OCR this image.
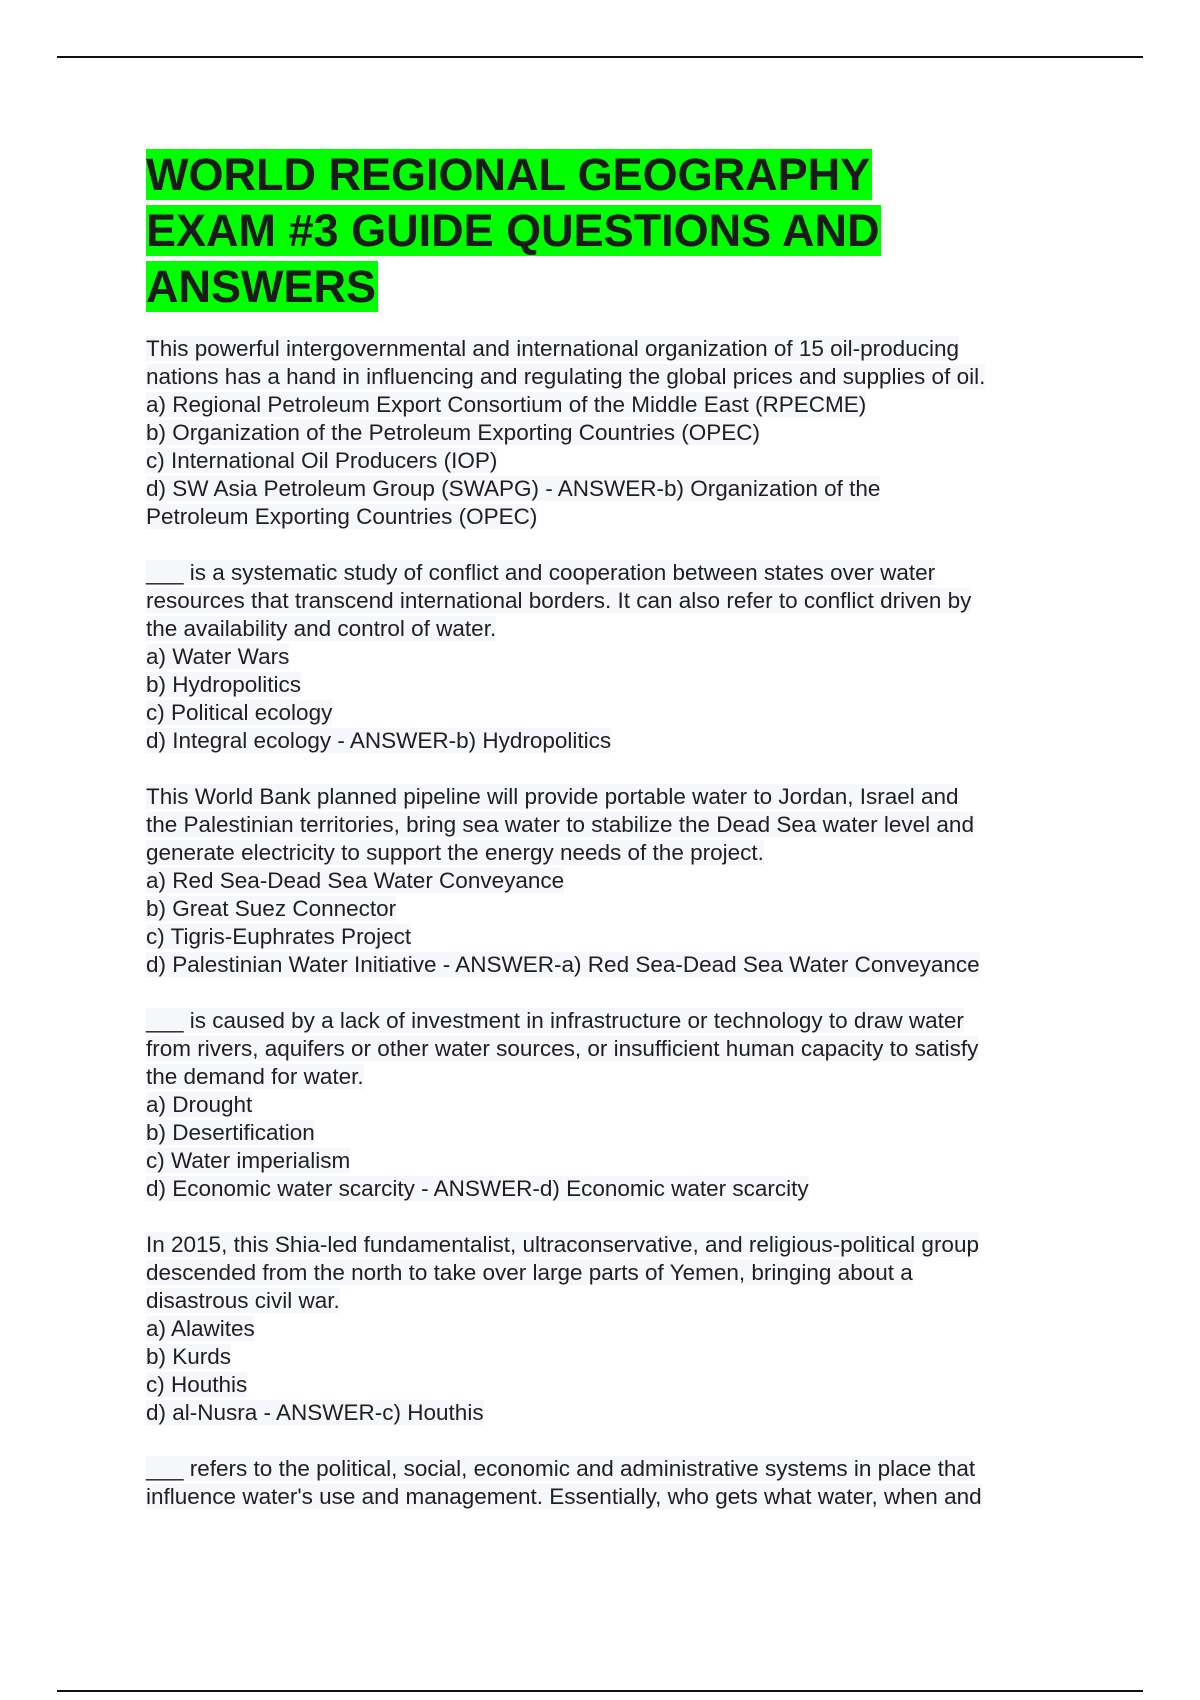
WORLD REGIONAL GEOGRAPHY
EXAM #3 GUIDE QUESTIONS AND
ANSWERS
This powerful intergovernmental and international organization of 15 oil-producing
nations has a hand in influencing and regulating the global prices and supplies of oil.
a) Regional Petroleum Export Consortium of the Middle East (RPECME)
b) Organization of the Petroleum Exporting Countries (OPEC)
c) International Oil Producers (IOP)
d) SW Asia Petroleum Group (SWAPG) - ANSWER-b) Organization of the
Petroleum Exporting Countries (OPEC)
___ is a systematic study of conflict and cooperation between states over water
resources that transcend international borders. It can also refer to conflict driven by
the availability and control of water.
a) Water Wars
b) Hydropolitics
c) Political ecology
d) Integral ecology - ANSWER-b) Hydropolitics
This World Bank planned pipeline will provide portable water to Jordan, Israel and
the Palestinian territories, bring sea water to stabilize the Dead Sea water level and
generate electricity to support the energy needs of the project.
a) Red Sea-Dead Sea Water Conveyance
b) Great Suez Connector
c) Tigris-Euphrates Project
d) Palestinian Water Initiative - ANSWER-a) Red Sea-Dead Sea Water Conveyance
___ is caused by a lack of investment in infrastructure or technology to draw water
from rivers, aquifers or other water sources, or insufficient human capacity to satisfy
the demand for water.
a) Drought
b) Desertification
c) Water imperialism
d) Economic water scarcity - ANSWER-d) Economic water scarcity
In 2015, this Shia-led fundamentalist, ultraconservative, and religious-political group
descended from the north to take over large parts of Yemen, bringing about a
disastrous civil war.
a) Alawites
b) Kurds
c) Houthis
d) al-Nusra - ANSWER-c) Houthis
___ refers to the political, social, economic and administrative systems in place that
influence water's use and management. Essentially, who gets what water, when and
